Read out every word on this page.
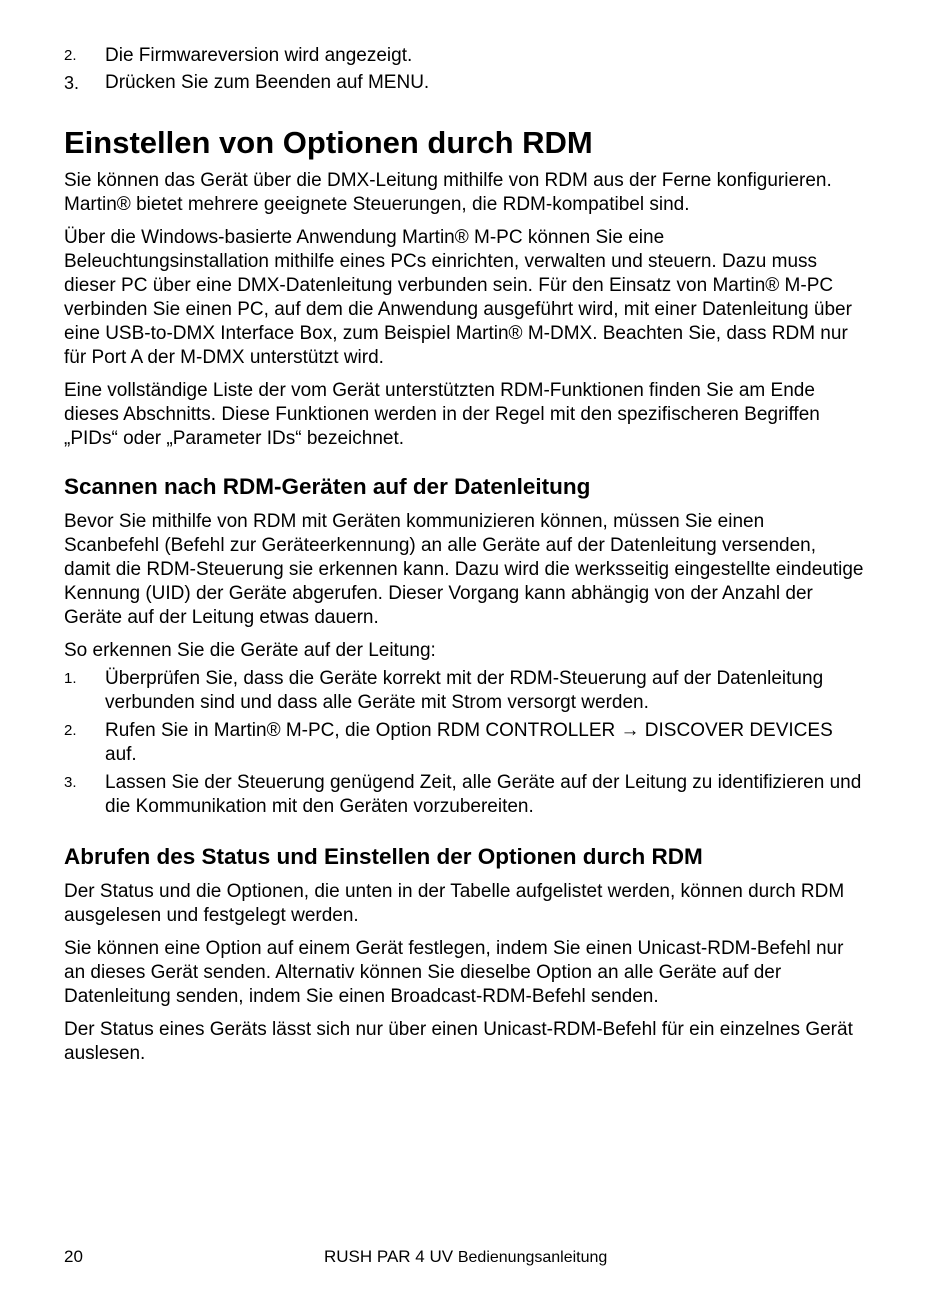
2. Die Firmwareversion wird angezeigt.
3. Drücken Sie zum Beenden auf MENU.
Einstellen von Optionen durch RDM

Sie können das Gerät über die DMX-Leitung mithilfe von RDM aus der Ferne konfigurieren. Martin® bietet mehrere geeignete Steuerungen, die RDM-kompatibel sind.

Über die Windows-basierte Anwendung Martin® M-PC können Sie eine Beleuchtungsinstallation mithilfe eines PCs einrichten, verwalten und steuern. Dazu muss dieser PC über eine DMX-Datenleitung verbunden sein. Für den Einsatz von Martin® M-PC verbinden Sie einen PC, auf dem die Anwendung ausgeführt wird, mit einer Datenleitung über eine USB-to-DMX Interface Box, zum Beispiel Martin® M-DMX. Beachten Sie, dass RDM nur für Port A der M-DMX unterstützt wird.

Eine vollständige Liste der vom Gerät unterstützten RDM-Funktionen finden Sie am Ende dieses Abschnitts. Diese Funktionen werden in der Regel mit den spezifischeren Begriffen „PIDs“ oder „Parameter IDs“ bezeichnet.

Scannen nach RDM-Geräten auf der Datenleitung

Bevor Sie mithilfe von RDM mit Geräten kommunizieren können, müssen Sie einen Scanbefehl (Befehl zur Geräteerkennung) an alle Geräte auf der Datenleitung versenden, damit die RDM-Steuerung sie erkennen kann. Dazu wird die werksseitig eingestellte eindeutige Kennung (UID) der Geräte abgerufen. Dieser Vorgang kann abhängig von der Anzahl der Geräte auf der Leitung etwas dauern.

So erkennen Sie die Geräte auf der Leitung:

1. Überprüfen Sie, dass die Geräte korrekt mit der RDM-Steuerung auf der Datenleitung verbunden sind und dass alle Geräte mit Strom versorgt werden.
2. Rufen Sie in Martin® M-PC, die Option RDM CONTROLLER → DISCOVER DEVICES auf.
3. Lassen Sie der Steuerung genügend Zeit, alle Geräte auf der Leitung zu identifizieren und die Kommunikation mit den Geräten vorzubereiten.
Abrufen des Status und Einstellen der Optionen durch RDM

Der Status und die Optionen, die unten in der Tabelle aufgelistet werden, können durch RDM ausgelesen und festgelegt werden.

Sie können eine Option auf einem Gerät festlegen, indem Sie einen Unicast-RDM-Befehl nur an dieses Gerät senden. Alternativ können Sie dieselbe Option an alle Geräte auf der Datenleitung senden, indem Sie einen Broadcast-RDM-Befehl senden.

Der Status eines Geräts lässt sich nur über einen Unicast-RDM-Befehl für ein einzelnes Gerät auslesen.

20	RUSH PAR 4 UV Bedienungsanleitung
